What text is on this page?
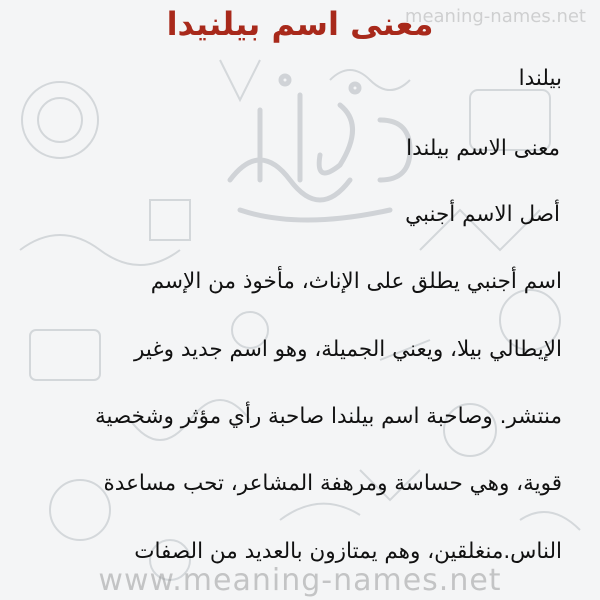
meaning-names.net
معنى اسم بيلنيدا
بيلندا
معنى الاسم بيلندا
أصل الاسم أجنبي
اسم أجنبي يطلق على الإناث، مأخوذ من الإسم
الإيطالي بيلا، ويعني الجميلة، وهو اسم جديد وغير
منتشر. وصاحبة اسم بيلندا صاحبة رأي مؤثر وشخصية
قوية، وهي حساسة ومرهفة المشاعر، تحب مساعدة
الناس.منغلقين، وهم يمتازون بالعديد من الصفات
www.meaning-names.net
